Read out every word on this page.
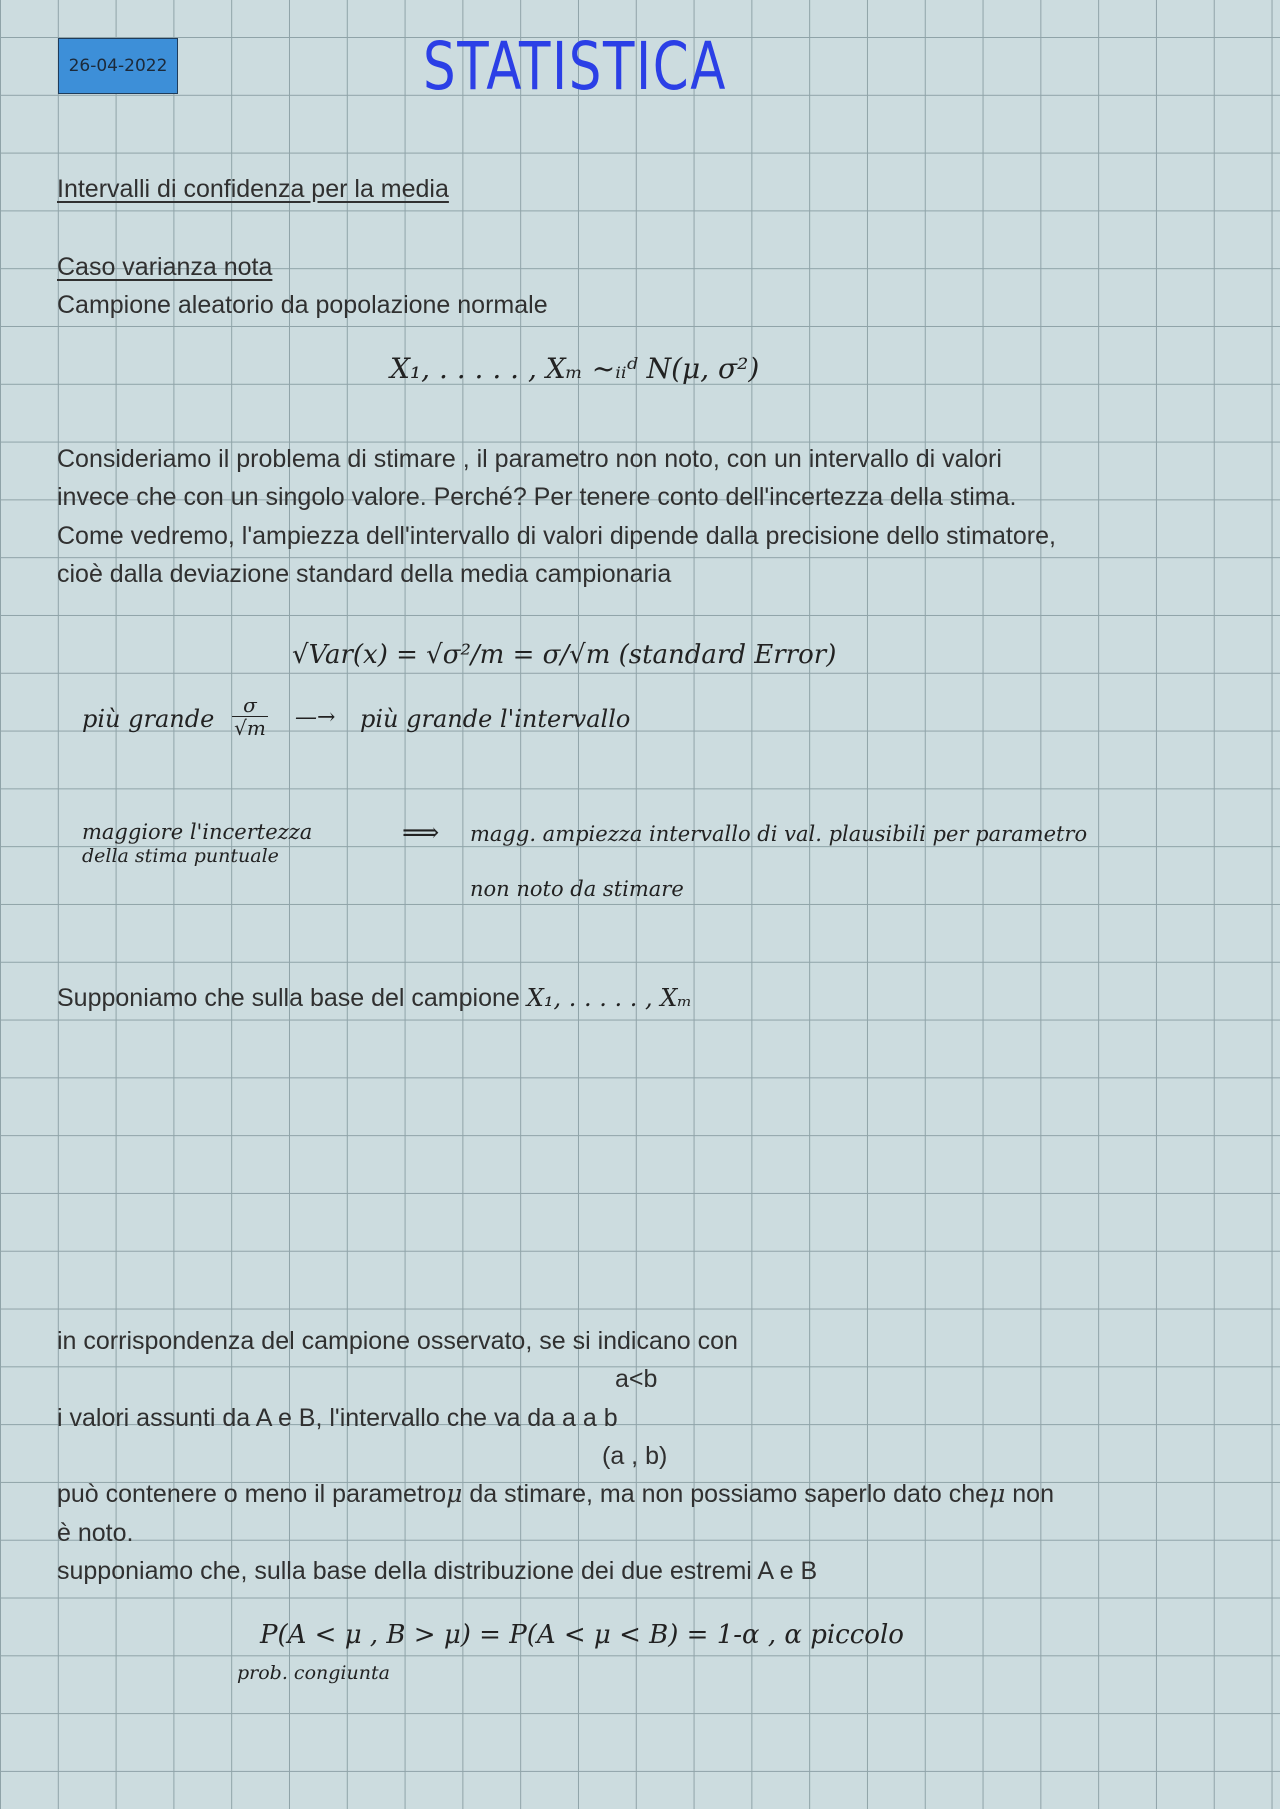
26-04-2022	STATISTICA
Intervalli di confidenza per la media
Caso varianza nota
Campione aleatorio da popolazione normale
X₁, . . . . . , Xₘ ~ᵢᵢᵈ N(μ, σ²)
Consideriamo il problema di stimare , il parametro non noto, con un intervallo di valori
invece che con un singolo valore. Perché? Per tenere conto dell'incertezza della stima.
Come vedremo, l'ampiezza dell'intervallo di valori dipende dalla precisione dello stimatore,
cioè dalla deviazione standard della media campionaria
√Var(x) = √σ²/m = σ/√m (standard Error)
più grande $\frac{\sigma}{√m}$ —→ più grande l'intervallo
maggiore l'incertezza
della stima puntuale
⟹ magg. ampiezza intervallo di val. plausibili per parametro
non noto da stimare
Supponiamo che sulla base del campione X₁, . . . . . , Xₘ
in corrispondenza del campione osservato, se si indicano con
a<b
i valori assunti da A e B, l'intervallo che va da a a b
(a , b)
può contenere o meno il parametroμ da stimare, ma non possiamo saperlo dato cheμ non
è noto.
supponiamo che, sulla base della distribuzione dei due estremi A e B
P(A < μ , B > μ) = P(A < μ < B) = 1-α , α piccolo
prob. congiunta
